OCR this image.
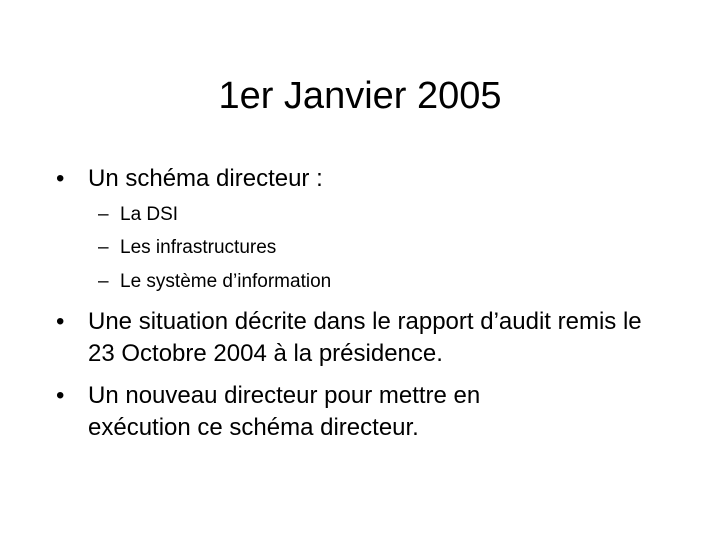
1er Janvier 2005
• Un schéma directeur :
– La DSI
– Les infrastructures
– Le système d’information
• Une situation décrite dans le rapport d’audit remis le 23 Octobre 2004 à la présidence.
• Un nouveau directeur pour mettre en exécution ce schéma directeur.
